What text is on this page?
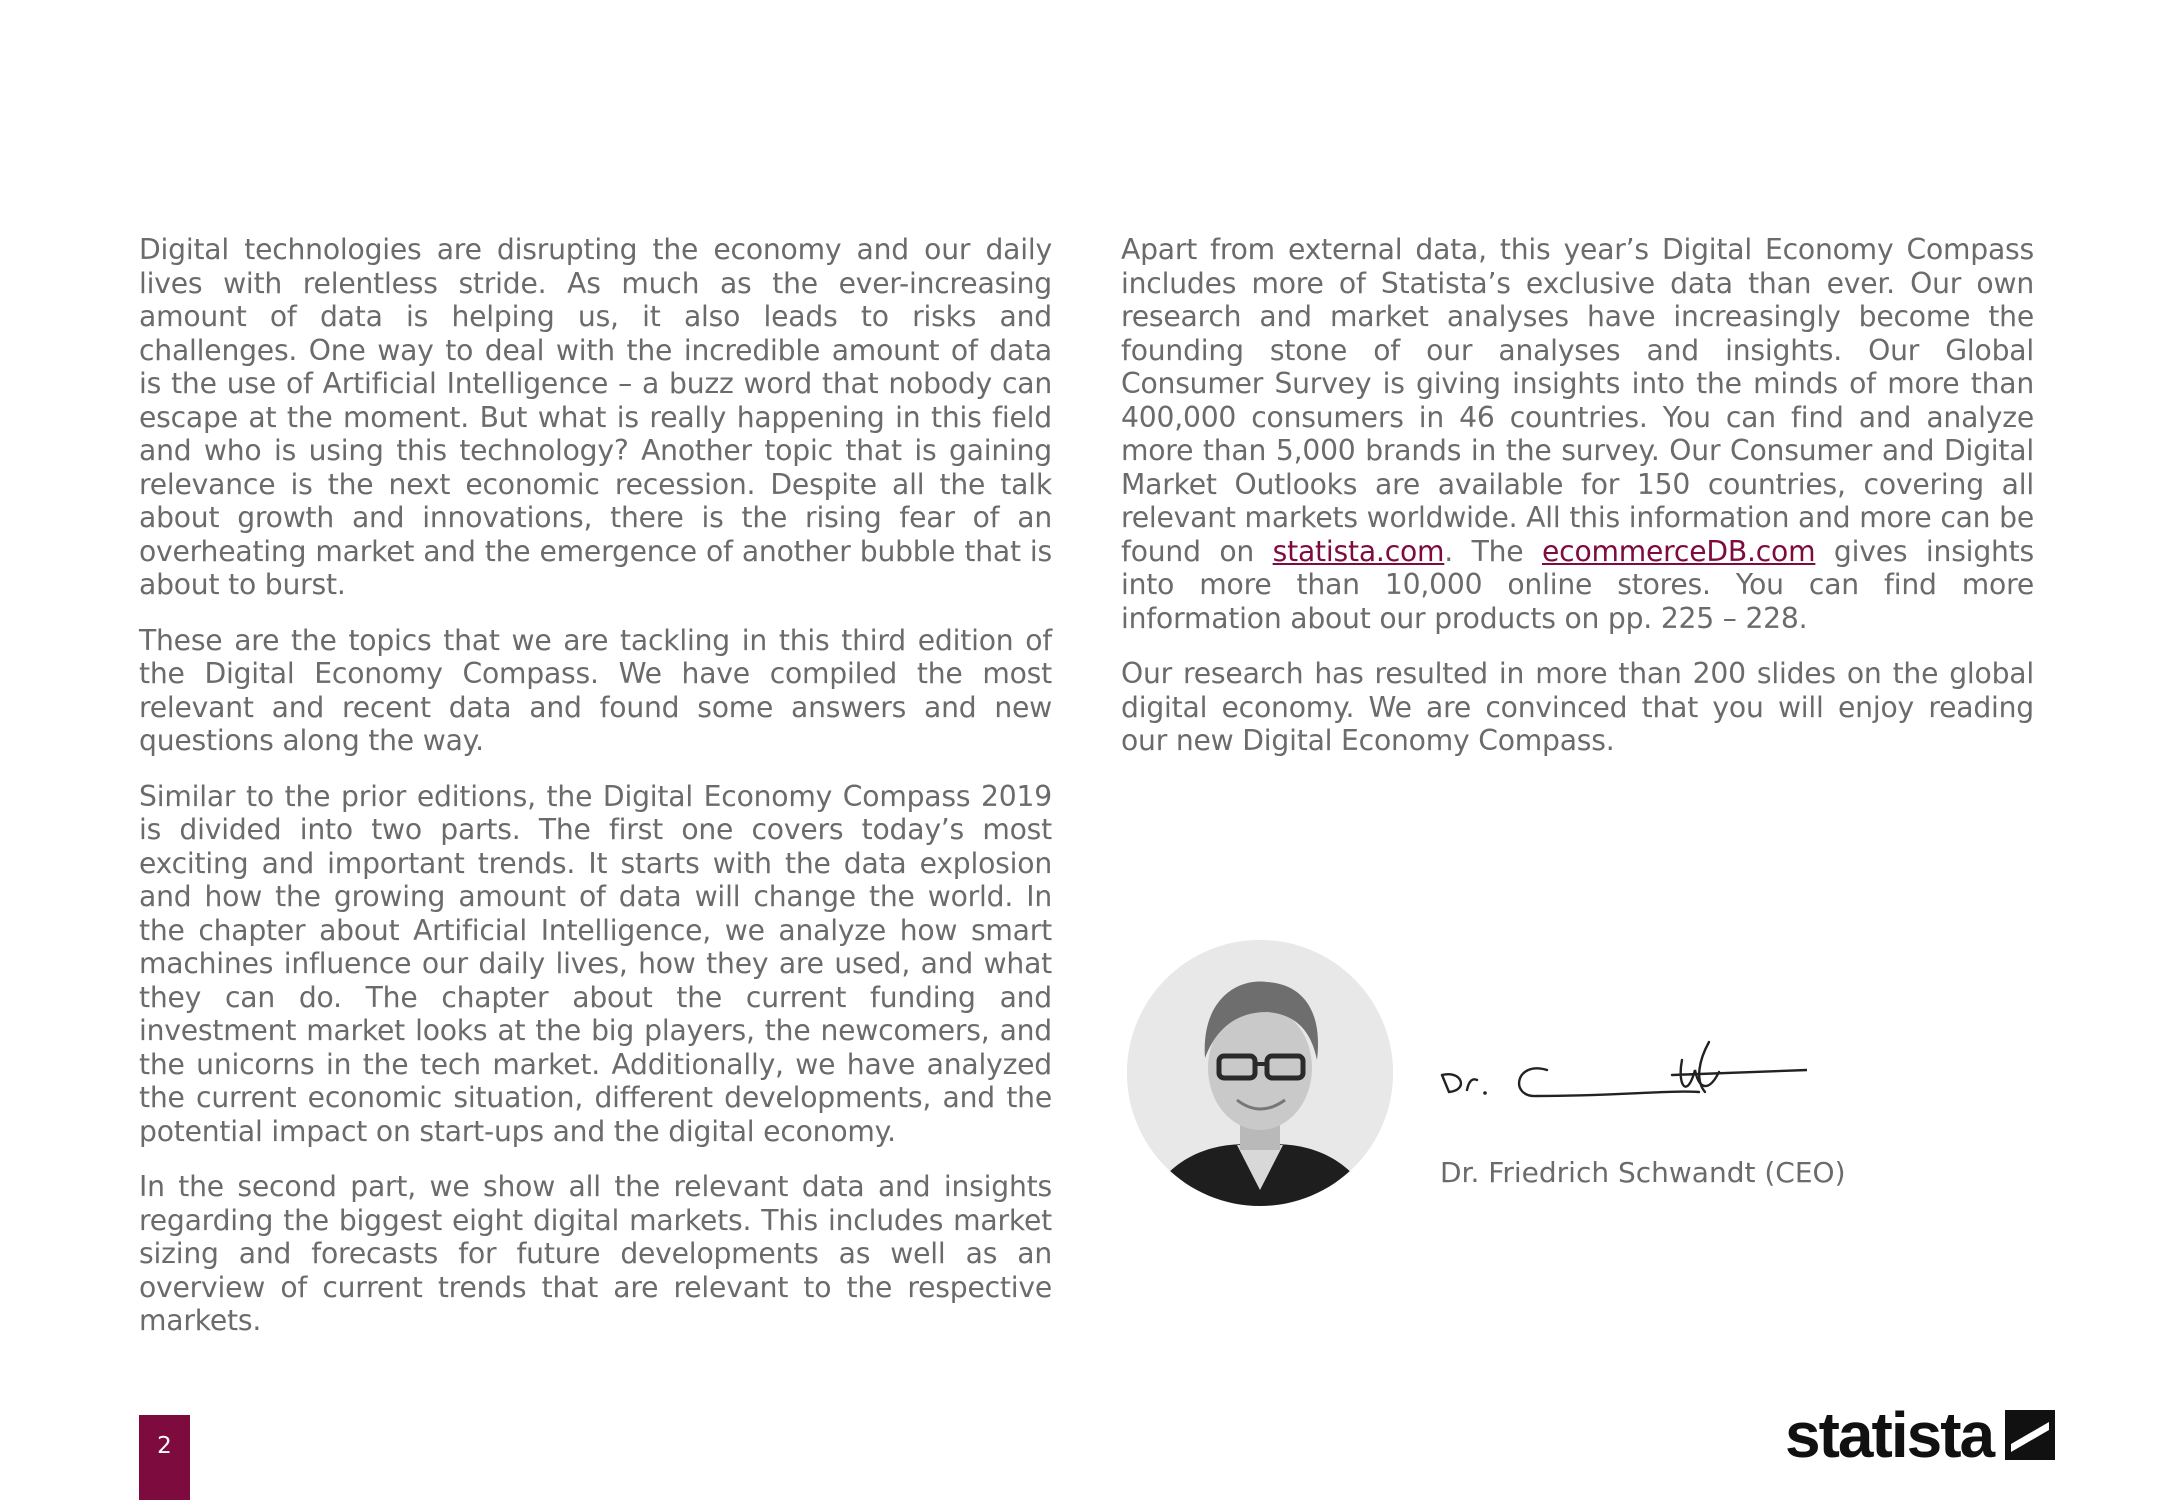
Digital technologies are disrupting the economy and our daily lives with relentless stride. As much as the ever-increasing amount of data is helping us, it also leads to risks and challenges. One way to deal with the incredible amount of data is the use of Artificial Intelligence – a buzz word that nobody can escape at the moment. But what is really happening in this field and who is using this technology? Another topic that is gaining relevance is the next economic recession. Despite all the talk about growth and innovations, there is the rising fear of an overheating market and the emergence of another bubble that is about to burst.

These are the topics that we are tackling in this third edition of the Digital Economy Compass. We have compiled the most relevant and recent data and found some answers and new questions along the way.

Similar to the prior editions, the Digital Economy Compass 2019 is divided into two parts. The first one covers today’s most exciting and important trends. It starts with the data explosion and how the growing amount of data will change the world. In the chapter about Artificial Intelligence, we analyze how smart machines influence our daily lives, how they are used, and what they can do. The chapter about the current funding and investment market looks at the big players, the newcomers, and the unicorns in the tech market. Additionally, we have analyzed the current economic situation, different developments, and the potential impact on start-ups and the digital economy.

In the second part, we show all the relevant data and insights regarding the biggest eight digital markets. This includes market sizing and forecasts for future developments as well as an overview of current trends that are relevant to the respective markets.

Apart from external data, this year’s Digital Economy Compass includes more of Statista’s exclusive data than ever. Our own research and market analyses have increasingly become the founding stone of our analyses and insights. Our Global Consumer Survey is giving insights into the minds of more than 400,000 consumers in 46 countries. You can find and analyze more than 5,000 brands in the survey. Our Consumer and Digital Market Outlooks are available for 150 countries, covering all relevant markets worldwide. All this information and more can be found on statista.com. The ecommerceDB.com gives insights into more than 10,000 online stores. You can find more information about our products on pp. 225 – 228.

Our research has resulted in more than 200 slides on the global digital economy. We are convinced that you will enjoy reading our new Digital Economy Compass.

Dr. Friedrich Schwandt (CEO)
2	statista
